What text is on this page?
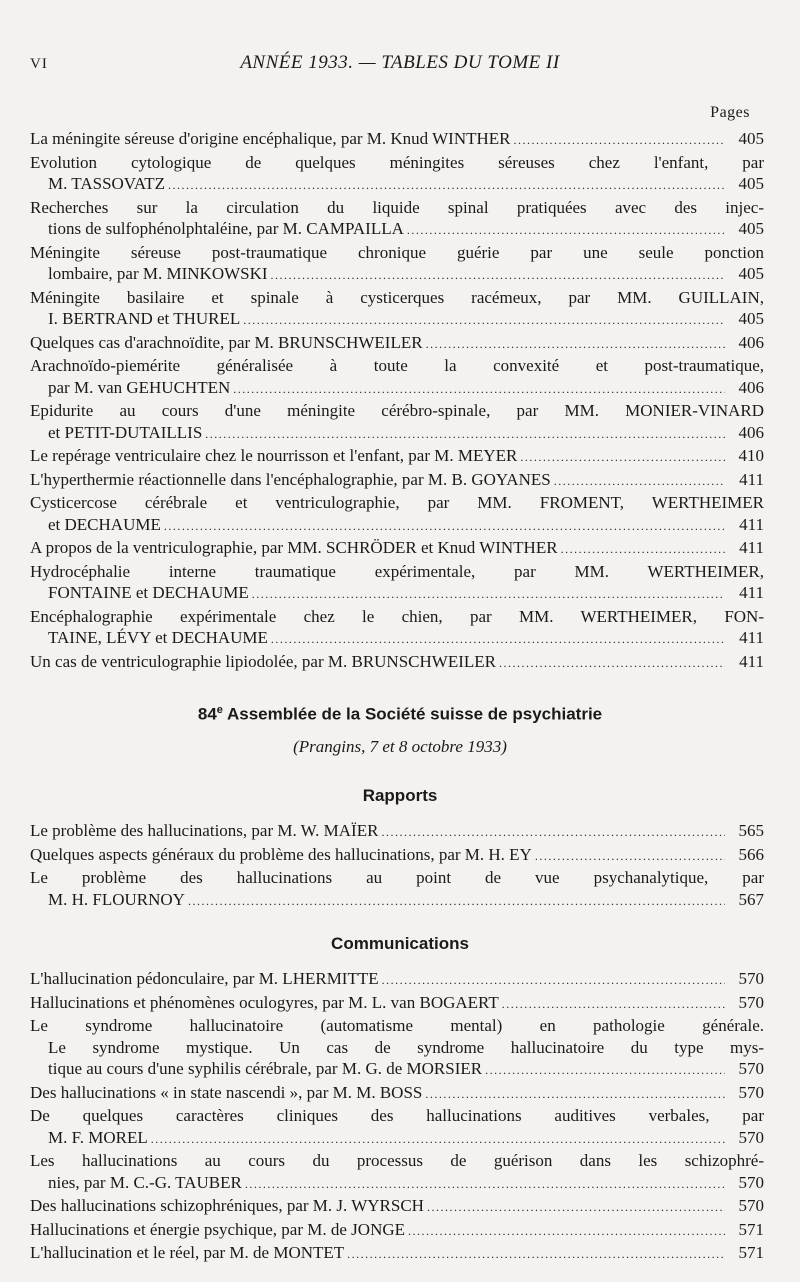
VI	ANNÉE 1933. — TABLES DU TOME II
Pages
La méningite séreuse d'origine encéphalique, par M. Knud WINTHER .....	405
Evolution cytologique de quelques méningites séreuses chez l'enfant, par
M. TASSOVATZ .....	405
Recherches sur la circulation du liquide spinal pratiquées avec des injec-
tions de sulfophénolphtaléine, par M. CAMPAILLA .....	405
Méningite séreuse post-traumatique chronique guérie par une seule ponction
lombaire, par M. MINKOWSKI .....	405
Méningite basilaire et spinale à cysticerques racémeux, par MM. GUILLAIN,
I. BERTRAND et THUREL .....	405
Quelques cas d'arachnoïdite, par M. BRUNSCHWEILER .....	406
Arachnoïdo-piemérite généralisée à toute la convexité et post-traumatique,
par M. van GEHUCHTEN .....	406
Epidurite au cours d'une méningite cérébro-spinale, par MM. MONIER-VINARD
et PETIT-DUTAILLIS .....	406
Le repérage ventriculaire chez le nourrisson et l'enfant, par M. MEYER .....	410
L'hyperthermie réactionnelle dans l'encéphalographie, par M. B. GOYANES .....	411
Cysticercose cérébrale et ventriculographie, par MM. FROMENT, WERTHEIMER
et DECHAUME .....	411
A propos de la ventriculographie, par MM. SCHRÖDER et Knud WINTHER .....	411
Hydrocéphalie interne traumatique expérimentale, par MM. WERTHEIMER,
FONTAINE et DECHAUME .....	411
Encéphalographie expérimentale chez le chien, par MM. WERTHEIMER, FON-
TAINE, LÉVY et DECHAUME .....	411
Un cas de ventriculographie lipiodolée, par M. BRUNSCHWEILER .....	411
84e Assemblée de la Société suisse de psychiatrie
(Prangins, 7 et 8 octobre 1933)
Rapports
Le problème des hallucinations, par M. W. MAÏER .....	565
Quelques aspects généraux du problème des hallucinations, par M. H. EY .....	566
Le problème des hallucinations au point de vue psychanalytique, par
M. H. FLOURNOY .....	567
Communications
L'hallucination pédonculaire, par M. LHERMITTE .....	570
Hallucinations et phénomènes oculogyres, par M. L. van BOGAERT .....	570
Le syndrome hallucinatoire (automatisme mental) en pathologie générale.
Le syndrome mystique. Un cas de syndrome hallucinatoire du type mys-
tique au cours d'une syphilis cérébrale, par M. G. de MORSIER .....	570
Des hallucinations « in state nascendi », par M. M. BOSS .....	570
De quelques caractères cliniques des hallucinations auditives verbales, par
M. F. MOREL .....	570
Les hallucinations au cours du processus de guérison dans les schizophré-
nies, par M. C.-G. TAUBER .....	570
Des hallucinations schizophréniques, par M. J. WYRSCH .....	570
Hallucinations et énergie psychique, par M. de JONGE .....	571
L'hallucination et le réel, par M. de MONTET .....	571
